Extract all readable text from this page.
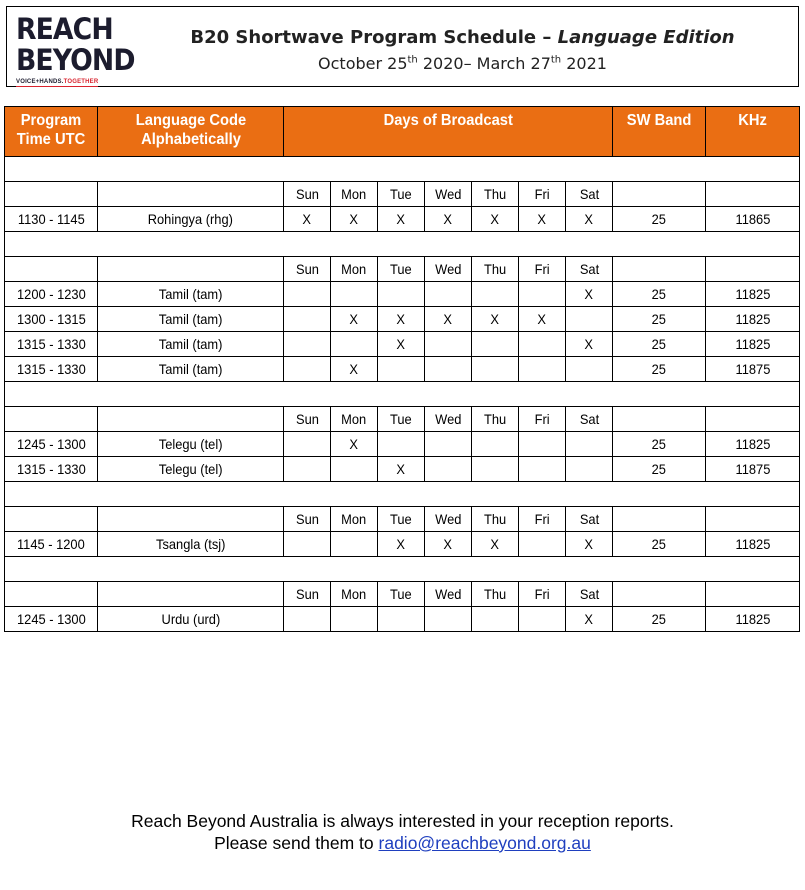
REACH
BEYOND
VOICE+HANDS.TOGETHER
B20 Shortwave Program Schedule – Language Edition
October 25th 2020– March 27th 2021
Program Time UTC	Language Code Alphabetically	Days of Broadcast							SW Band	KHz

		Sun	Mon	Tue	Wed	Thu	Fri	Sat		
1130 - 1145	Rohingya (rhg)	X	X	X	X	X	X	X	25	11865

		Sun	Mon	Tue	Wed	Thu	Fri	Sat		
1200 - 1230	Tamil (tam)							X	25	11825
1300 - 1315	Tamil (tam)		X	X	X	X	X		25	11825
1315 - 1330	Tamil (tam)			X				X	25	11825
1315 - 1330	Tamil (tam)		X						25	11875

		Sun	Mon	Tue	Wed	Thu	Fri	Sat		
1245 - 1300	Telegu (tel)		X						25	11825
1315 - 1330	Telegu (tel)			X					25	11875

		Sun	Mon	Tue	Wed	Thu	Fri	Sat		
1145 - 1200	Tsangla (tsj)			X	X	X		X	25	11825

		Sun	Mon	Tue	Wed	Thu	Fri	Sat		
1245 - 1300	Urdu (urd)							X	25	11825
Reach Beyond Australia is always interested in your reception reports.
Please send them to radio@reachbeyond.org.au
